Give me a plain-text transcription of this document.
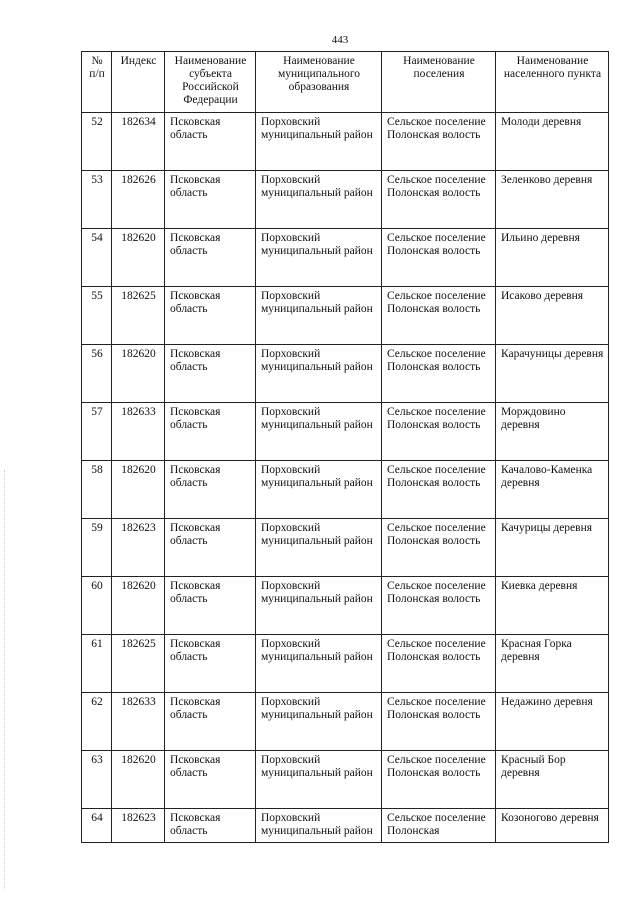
443
№ п/п	Индекс	Наименование субъекта Российской Федерации	Наименование муниципального образования	Наименование поселения	Наименование населенного пункта
52	182634	Псковская область	Порховский муниципальный район	Сельское поселение Полонская волость	Молоди деревня
53	182626	Псковская область	Порховский муниципальный район	Сельское поселение Полонская волость	Зеленково деревня
54	182620	Псковская область	Порховский муниципальный район	Сельское поселение Полонская волость	Ильино деревня
55	182625	Псковская область	Порховский муниципальный район	Сельское поселение Полонская волость	Исаково деревня
56	182620	Псковская область	Порховский муниципальный район	Сельское поселение Полонская волость	Карачуницы деревня
57	182633	Псковская область	Порховский муниципальный район	Сельское поселение Полонская волость	Морждовино деревня
58	182620	Псковская область	Порховский муниципальный район	Сельское поселение Полонская волость	Качалово-Каменка деревня
59	182623	Псковская область	Порховский муниципальный район	Сельское поселение Полонская волость	Качурицы деревня
60	182620	Псковская область	Порховский муниципальный район	Сельское поселение Полонская волость	Киевка деревня
61	182625	Псковская область	Порховский муниципальный район	Сельское поселение Полонская волость	Красная Горка деревня
62	182633	Псковская область	Порховский муниципальный район	Сельское поселение Полонская волость	Недажино деревня
63	182620	Псковская область	Порховский муниципальный район	Сельское поселение Полонская волость	Красный Бор деревня
64	182623	Псковская область	Порховский муниципальный район	Сельское поселение Полонская	Козоногово деревня
